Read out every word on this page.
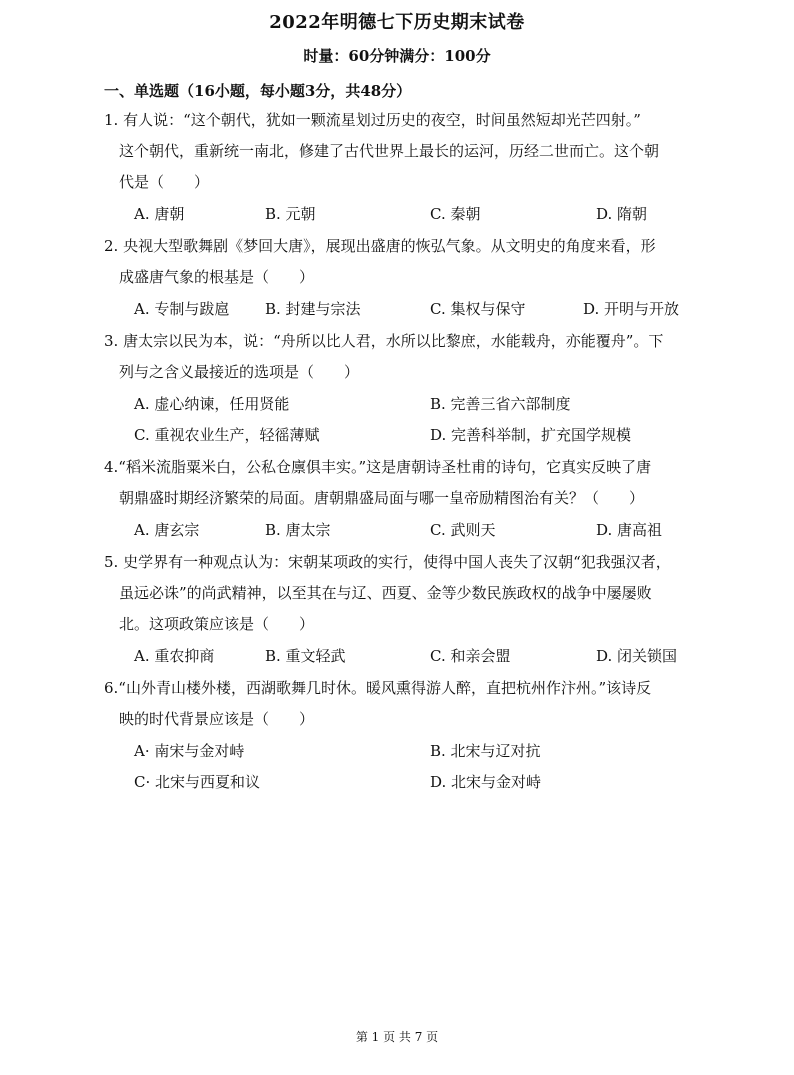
2022年明德七下历史期末试卷
时量：60分钟满分：100分
一、单选题（16小题，每小题3分，共48分）
1. 有人说：“这个朝代，犹如一颗流星划过历史的夜空，时间虽然短却光芒四射。”
这个朝代，重新统一南北，修建了古代世界上最长的运河，历经二世而亡。这个朝
代是（　　）
A. 唐朝	B. 元朝	C. 秦朝	D. 隋朝
2. 央视大型歌舞剧《梦回大唐》，展现出盛唐的恢弘气象。从文明史的角度来看，形
成盛唐气象的根基是（　　）
A. 专制与跋扈 B. 封建与宗法	C. 集权与保守	D. 开明与开放
3. 唐太宗以民为本，说：“舟所以比人君，水所以比黎庶，水能载舟，亦能覆舟”。下
列与之含义最接近的选项是（　　）
A. 虚心纳谏，任用贤能	B. 完善三省六部制度
C. 重视农业生产，轻徭薄赋	D. 完善科举制，扩充国学规模
4.“稻米流脂粟米白，公私仓廪俱丰实。”这是唐朝诗圣杜甫的诗句，它真实反映了唐
朝鼎盛时期经济繁荣的局面。唐朝鼎盛局面与哪一皇帝励精图治有关？（　　）
A. 唐玄宗	B. 唐太宗	C. 武则天	D. 唐高祖
5. 史学界有一种观点认为：宋朝某项政的实行，使得中国人丧失了汉朝“犯我强汉者，
虽远必诛”的尚武精神，以至其在与辽、西夏、金等少数民族政权的战争中屡屡败
北。这项政策应该是（　　）
A. 重农抑商	B. 重文轻武	C. 和亲会盟	D. 闭关锁国
6.“山外青山楼外楼，西湖歌舞几时休。暖风熏得游人醉，直把杭州作汴州。”该诗反
映的时代背景应该是（　　）
A· 南宋与金对峙	B. 北宋与辽对抗
C· 北宋与西夏和议	D. 北宋与金对峙
第 1 页 共 7 页
